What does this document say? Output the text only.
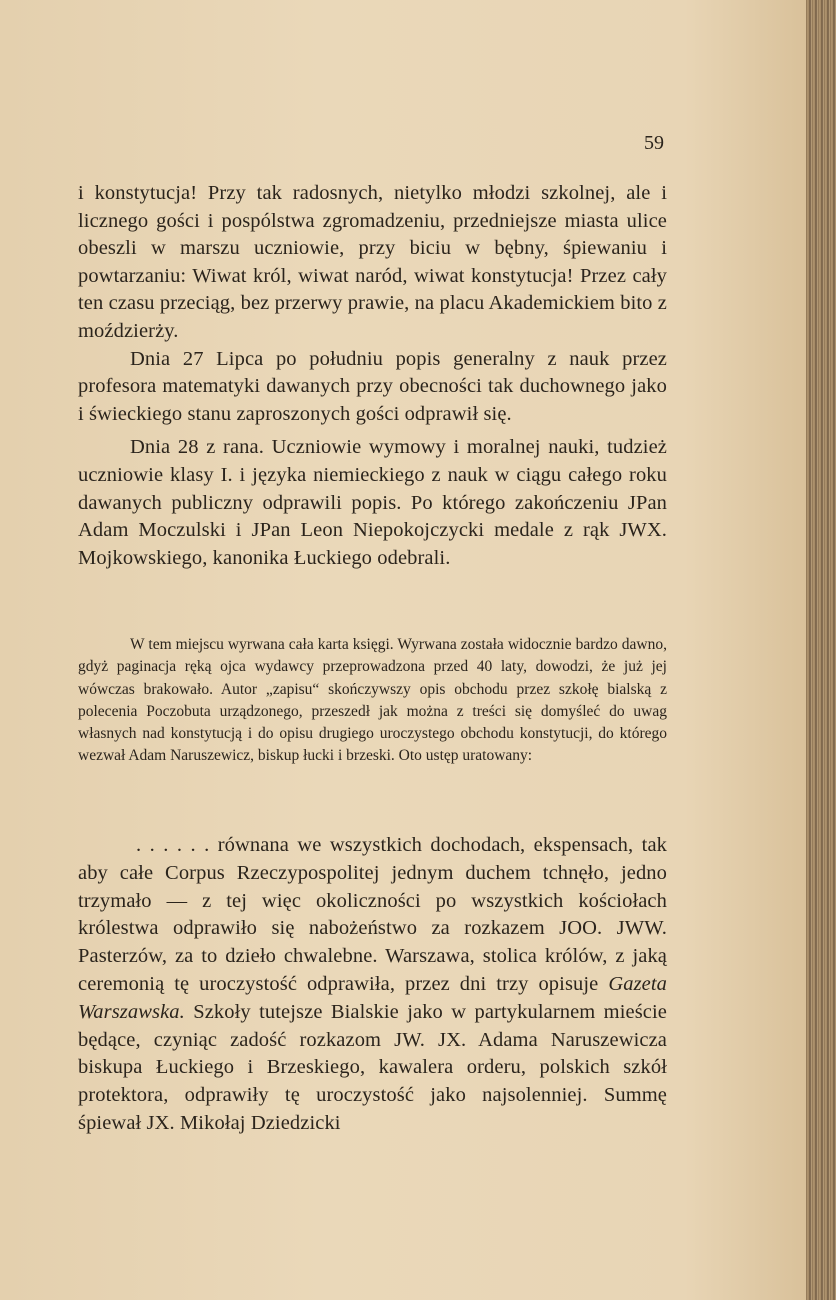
59

i konstytucja! Przy tak radosnych, nietylko młodzi szkolnej, ale i licznego gości i pospólstwa zgromadzeniu, przedniejsze miasta ulice obeszli w marszu uczniowie, przy biciu w bębny, śpiewaniu i powtarzaniu: Wiwat król, wiwat naród, wiwat konstytucja! Przez cały ten czasu przeciąg, bez przerwy prawie, na placu Akademickiem bito z moździerży.

Dnia 27 Lipca po południu popis generalny z nauk przez profesora matematyki dawanych przy obecności tak duchownego jako i świeckiego stanu zaproszonych gości odprawił się.

Dnia 28 z rana. Uczniowie wymowy i moralnej nauki, tudzież uczniowie klasy I. i języka niemieckiego z nauk w ciągu całego roku dawanych publiczny odprawili popis. Po którego zakończeniu JPan Adam Moczulski i JPan Leon Niepokojczycki medale z rąk JWX. Mojkowskiego, kanonika Łuckiego odebrali.

W tem miejscu wyrwana cała karta księgi. Wyrwana została widocznie bardzo dawno, gdyż paginacja ręką ojca wydawcy przeprowadzona przed 40 laty, dowodzi, że już jej wówczas brakowało. Autor „zapisu“ skończywszy opis obchodu przez szkołę bialską z polecenia Poczobuta urządzonego, przeszedł jak można z treści się domyśleć do uwag własnych nad konstytucją i do opisu drugiego uroczystego obchodu konstytucji, do którego wezwał Adam Naruszewicz, biskup łucki i brzeski. Oto ustęp uratowany:

. . . . . . równana we wszystkich dochodach, ekspensach, tak aby całe Corpus Rzeczypospolitej jednym duchem tchnęło, jedno trzymało — z tej więc okoliczności po wszystkich kościołach królestwa odprawiło się nabożeństwo za rozkazem JOO. JWW. Pasterzów, za to dzieło chwalebne. Warszawa, stolica królów, z jaką ceremonią tę uroczystość odprawiła, przez dni trzy opisuje Gazeta Warszawska. Szkoły tutejsze Bialskie jako w partykularnem mieście będące, czyniąc zadość rozkazom JW. JX. Adama Naruszewicza biskupa Łuckiego i Brzeskiego, kawalera orderu, polskich szkół protektora, odprawiły tę uroczystość jako najsolenniej. Summę śpiewał JX. Mikołaj Dziedzicki
